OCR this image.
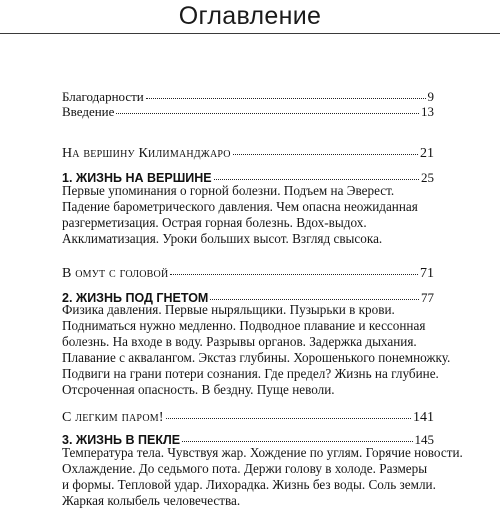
Оглавление
Благодарности	9
Введение	13
На вершину Килиманджаро	21
1. ЖИЗНЬ НА ВЕРШИНЕ	25
Первые упоминания о горной болезни. Подъем на Эверест.
Падение барометрического давления. Чем опасна неожиданная
разгерметизация. Острая горная болезнь. Вдох-выдох.
Акклиматизация. Уроки больших высот. Взгляд свысока.
В омут с головой	71
2. ЖИЗНЬ ПОД ГНЕТОМ	77
Физика давления. Первые ныряльщики. Пузырьки в крови.
Подниматься нужно медленно. Подводное плавание и кессонная
болезнь. На входе в воду. Разрывы органов. Задержка дыхания.
Плавание с аквалангом. Экстаз глубины. Хорошенького понемножку.
Подвиги на грани потери сознания. Где предел? Жизнь на глубине.
Отсроченная опасность. В бездну. Пуще неволи.
С легким паром!	141
3. ЖИЗНЬ В ПЕКЛЕ	145
Температура тела. Чувствуя жар. Хождение по углям. Горячие новости.
Охлаждение. До седьмого пота. Держи голову в холоде. Размеры
и формы. Тепловой удар. Лихорадка. Жизнь без воды. Соль земли.
Жаркая колыбель человечества.
